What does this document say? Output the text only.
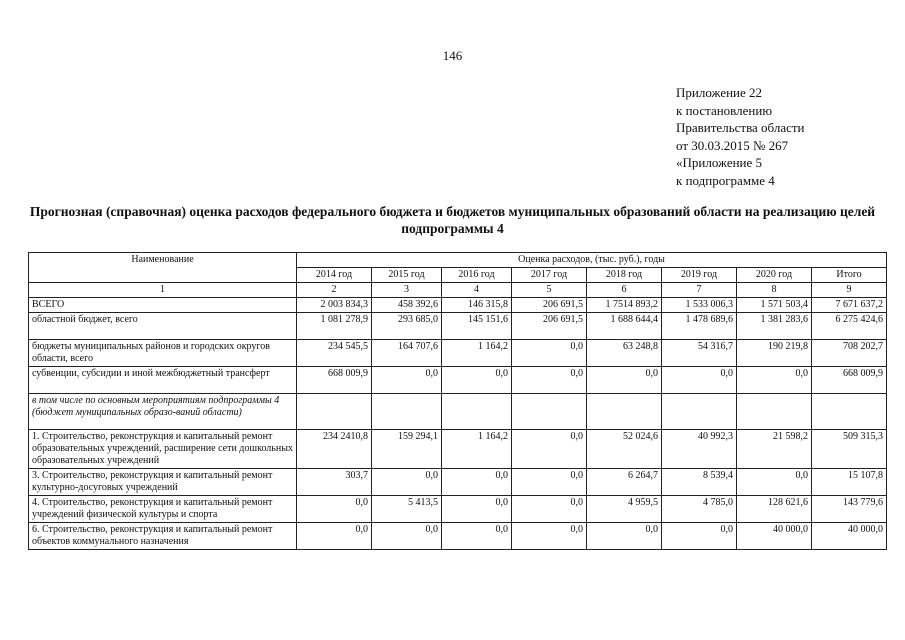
146
Приложение 22
к постановлению
Правительства области
от 30.03.2015 № 267
«Приложение 5
к подпрограмме 4
Прогнозная (справочная) оценка расходов федерального бюджета и бюджетов муниципальных образований области на реализацию целей подпрограммы 4
Наименование	Оценка расходов, (тыс. руб.), годы							
	2014 год	2015 год	2016 год	2017 год	2018 год	2019 год	2020 год	Итого
1	2	3	4	5	6	7	8	9
ВСЕГО	2 003 834,3	458 392,6	146 315,8	206 691,5	1 7514 893,2	1 533 006,3	1 571 503,4	7 671 637,2
областной бюджет, всего	1 081 278,9	293 685,0	145 151,6	206 691,5	1 688 644,4	1 478 689,6	1 381 283,6	6 275 424,6
бюджеты муниципальных районов и городских округов области, всего	234 545,5	164 707,6	1 164,2	0,0	63 248,8	54 316,7	190 219,8	708 202,7
субвенции, субсидии и иной межбюджетный трансферт	668 009,9	0,0	0,0	0,0	0,0	0,0	0,0	668 009,9
в том числе по основным мероприятиям подпрограммы 4 (бюджет муниципальных образо-ваний области)								
1. Строительство, реконструкция и капитальный ремонт образовательных учреждений, расширение сети дошкольных образовательных учреждений	234 2410,8	159 294,1	1 164,2	0,0	52 024,6	40 992,3	21 598,2	509 315,3
3. Строительство, реконструкция и капитальный ремонт культурно-досуговых учреждений	303,7	0,0	0,0	0,0	6 264,7	8 539,4	0,0	15 107,8
4. Строительство, реконструкция и капитальный ремонт учреждений физической культуры и спорта	0,0	5 413,5	0,0	0,0	4 959,5	4 785,0	128 621,6	143 779,6
6. Строительство, реконструкция и капитальный ремонт объектов коммунального назначения	0,0	0,0	0,0	0,0	0,0	0,0	40 000,0	40 000,0
